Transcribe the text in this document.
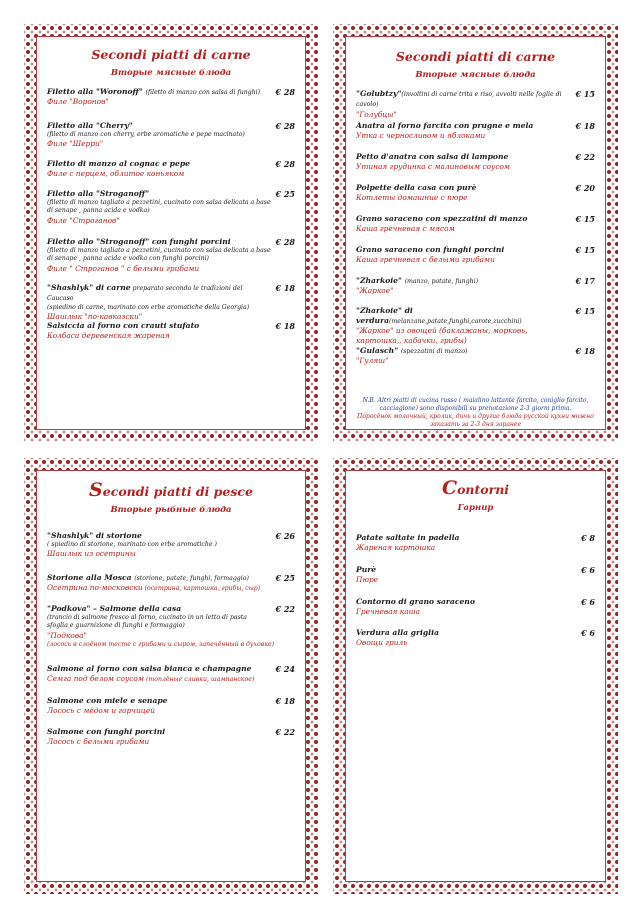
Secondi piatti di carne

Вторые мясные блюда

Filetto alla "Woronoff" (filetto di manzo con salsa di funghi)
Филе "Воронов"
€ 28
Filetto alla "Cherry"
(filetto di manzo con cherry, erbe aromatiche e pepe macinato)
Филе "Шерри"
€ 28
Filetto di manzo al cognac e pepe
Филе с перцем, облитое коньяком
€ 28
Filetto alla "Stroganoff"
(filetto di manzo tagliato a pezzetini, cucinato con salsa delicata a base di senape , panna acida e vodka)
Филе "Строганов"
€ 25
Filetto allo "Stroganoff" con funghi porcini
(filetto di manzo tagliato a pezzetini, cucinato con salsa delicata a base di senape , panna acida e vodka con funghi porcini)
Филе " Строганов " с белыми грибами
€ 28
"Shashlyk" di carne preparato secondo le tradizioni del Caucaso
(spiedino di carne, marinato con erbe aromatiche della Georgia)
Шашлык "по-кавказски"
€ 18
Salsiccia al forno con crauti stufato
Колбаса деревенская жареная
€ 18

Secondi piatti di carne

Вторые мясные блюда

"Golubtzy"(involtini di carne trita e riso, avvolti nelle foglie di cavolo)
"Голубцы"
€ 15
Anatra al forno farcita con prugne e mela
Утка с черносливом и яблоками
€ 18
Petto d'anatra con salsa di lampone
Утиная грудинка с малиновым соусом
€ 22
Polpette della casa con purè
Котлеты домашние с пюре
€ 20
Grano saraceno con spezzatini di manzo
Каша гречневая с мясом
€ 15
Grano saraceno con funghi porcini
Каша гречневая с белыми грибами
€ 15
"Zharkoie" (manzo, patate, funghi)
"Жаркое"
€ 17
"Zharkoie" di verdura(melanzane,patate,funghi,carote,zucchini)
"Жаркое" из овощей (баклажаны, морковь, картошка,, кабачки, грибы)
€ 15
"Gulasch" (spezzatini di manzo)
"Гуляш"
€ 18
N.B. Altri piatti di cucina russa ( maialino lattante farcito, coniglio farcito, cacciagione) sono disponibili su prenotazione 2-3 giorni prima.
Поросёнок молочный, кролик, дичь и другие блюда русской кухни можно заказать за 2-3 дня заранее

Secondi piatti di pesce

Вторые рыбные блюда

"Shashlyk" di storione
( spiedino di storione, marinato con erbe aromatiche )
Шашлык из осетрины
€ 26
Storione alla Mosca (storione, patate, funghi, formaggio)
Осетрина по-московски (осетрина, картошка, грибы, сыр)
€ 25
"Podkova" – Salmone della casa
(trancio di salmone fresco al forno, cucinato in un letto di pasta sfoglia e guarnizione di funghi e formaggio)
"Подкова"
(лосось в слоёном тесте с грибами и сыром, запечённый в духовке)
€ 22
Salmone al forno con salsa bianca e champagne
Семга под белом соусом (топлёные сливки, шампанское)
€ 24
Salmone con miele e senape
Лосось с мёдом и горчицей
€ 18
Salmone con funghi porcini
Лосось с белыми грибами
€ 22

Contorni

Гарнир

Patate saltate in padella
Жареная картошка
€ 8
Purè
Пюре
€ 6
Contorno di grano saraceno
Гречневая каша
€ 6
Verdura alla griglia
Овощи гриль
€ 6
